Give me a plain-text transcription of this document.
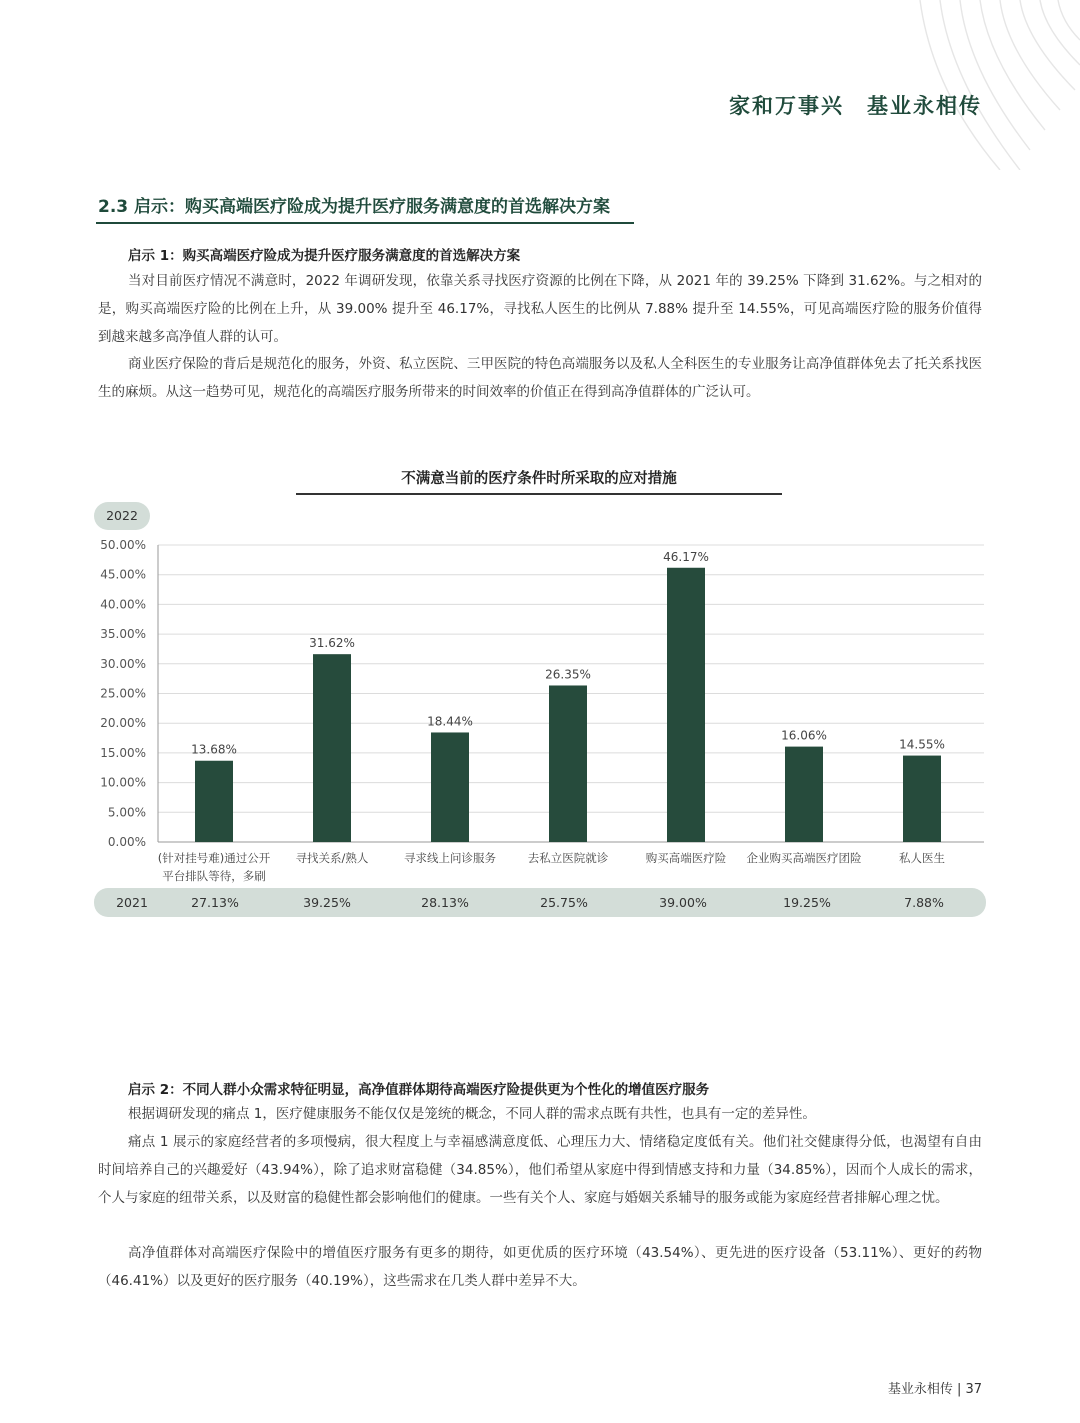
家和万事兴　基业永相传
2.3 启示：购买高端医疗险成为提升医疗服务满意度的首选解决方案
启示 1：购买高端医疗险成为提升医疗服务满意度的首选解决方案
当对目前医疗情况不满意时，2022 年调研发现，依靠关系寻找医疗资源的比例在下降，从 2021 年的 39.25% 下降到 31.62%。与之相对的是，购买高端医疗险的比例在上升，从 39.00% 提升至 46.17%，寻找私人医生的比例从 7.88% 提升至 14.55%，可见高端医疗险的服务价值得到越来越多高净值人群的认可。
商业医疗保险的背后是规范化的服务，外资、私立医院、三甲医院的特色高端服务以及私人全科医生的专业服务让高净值群体免去了托关系找医生的麻烦。从这一趋势可见，规范化的高端医疗服务所带来的时间效率的价值正在得到高净值群体的广泛认可。
不满意当前的医疗条件时所采取的应对措施
2022
0.00%
5.00%
10.00%
15.00%
20.00%
25.00%
30.00%
35.00%
40.00%
45.00%
50.00%
13.68%
(针对挂号难)通过公开
平台排队等待，多刷
31.62%
寻找关系/熟人
18.44%
寻求线上问诊服务
26.35%
去私立医院就诊
46.17%
购买高端医疗险
16.06%
企业购买高端医疗团险
14.55%
私人医生
2021	27.13%	39.25%	28.13%	25.75%	39.00%	19.25%	7.88%
启示 2：不同人群小众需求特征明显，高净值群体期待高端医疗险提供更为个性化的增值医疗服务
根据调研发现的痛点 1，医疗健康服务不能仅仅是笼统的概念，不同人群的需求点既有共性，也具有一定的差异性。
痛点 1 展示的家庭经营者的多项慢病，很大程度上与幸福感满意度低、心理压力大、情绪稳定度低有关。他们社交健康得分低，也渴望有自由时间培养自己的兴趣爱好（43.94%），除了追求财富稳健（34.85%），他们希望从家庭中得到情感支持和力量（34.85%），因而个人成长的需求，个人与家庭的纽带关系，以及财富的稳健性都会影响他们的健康。一些有关个人、家庭与婚姻关系辅导的服务或能为家庭经营者排解心理之忧。
高净值群体对高端医疗保险中的增值医疗服务有更多的期待，如更优质的医疗环境（43.54%）、更先进的医疗设备（53.11%）、更好的药物（46.41%）以及更好的医疗服务（40.19%），这些需求在几类人群中差异不大。
基业永相传 | 37
